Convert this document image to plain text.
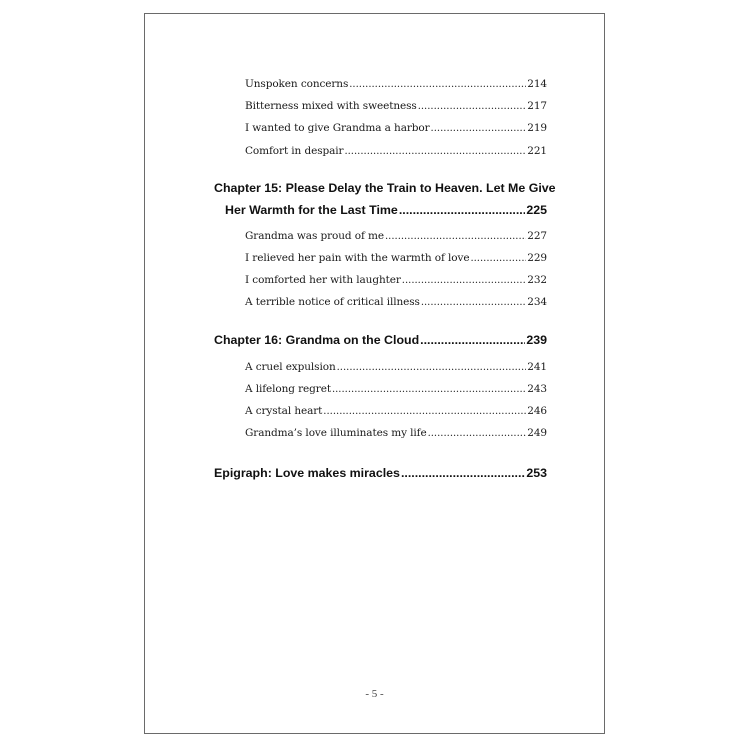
Unspoken concerns .....	214
Bitterness mixed with sweetness .....	217
I wanted to give Grandma a harbor .....	219
Comfort in despair .....	221
Chapter 15: Please Delay the Train to Heaven. Let Me Give
Her Warmth for the Last Time .....	225
Grandma was proud of me .....	227
I relieved her pain with the warmth of love .....	229
I comforted her with laughter .....	232
A terrible notice of critical illness .....	234
Chapter 16: Grandma on the Cloud .....	239
A cruel expulsion .....	241
A lifelong regret .....	243
A crystal heart .....	246
Grandma’s love illuminates my life .....	249
Epigraph: Love makes miracles .....	253
- 5 -
